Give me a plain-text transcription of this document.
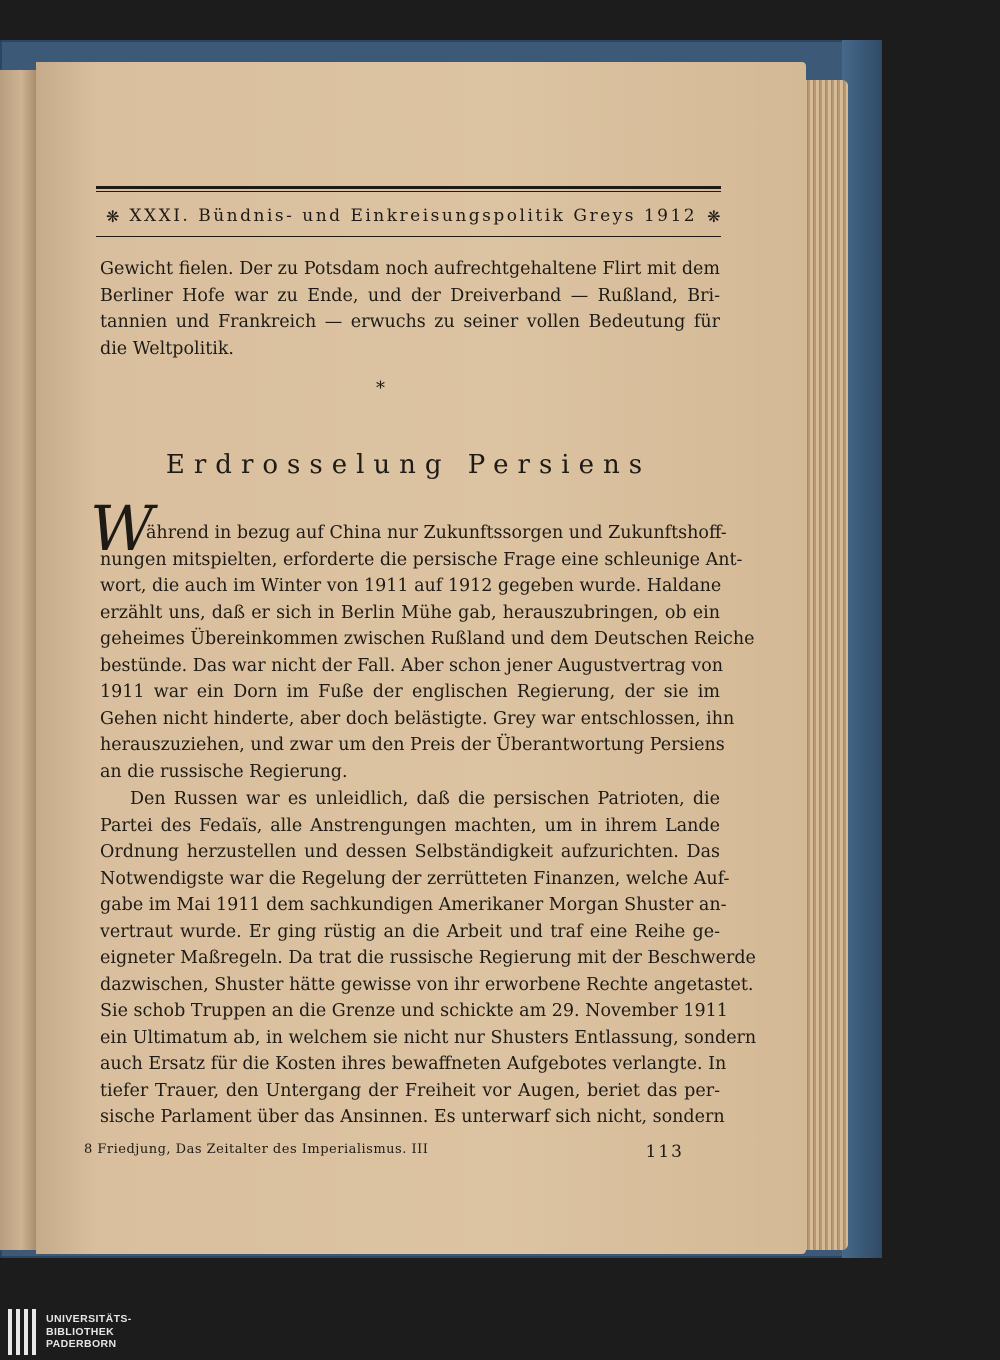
❋ XXXI. Bündnis- und Einkreisungspolitik Greys 1912 ❋
Gewicht fielen. Der zu Potsdam noch aufrechtgehaltene Flirt mit dem
Berliner Hofe war zu Ende, und der Dreiverband — Rußland, Bri-
tannien und Frankreich — erwuchs zu seiner vollen Bedeutung für
die Weltpolitik.
*
Erdrosselung Persiens
W
ährend in bezug auf China nur Zukunftssorgen und Zukunftshoff-
nungen mitspielten, erforderte die persische Frage eine schleunige Ant-
wort, die auch im Winter von 1911 auf 1912 gegeben wurde. Haldane
erzählt uns, daß er sich in Berlin Mühe gab, herauszubringen, ob ein
geheimes Übereinkommen zwischen Rußland und dem Deutschen Reiche
bestünde. Das war nicht der Fall. Aber schon jener Augustvertrag von
1911 war ein Dorn im Fuße der englischen Regierung, der sie im
Gehen nicht hinderte, aber doch belästigte. Grey war entschlossen, ihn
herauszuziehen, und zwar um den Preis der Überantwortung Persiens
an die russische Regierung.
Den Russen war es unleidlich, daß die persischen Patrioten, die
Partei des Fedaïs, alle Anstrengungen machten, um in ihrem Lande
Ordnung herzustellen und dessen Selbständigkeit aufzurichten. Das
Notwendigste war die Regelung der zerrütteten Finanzen, welche Auf-
gabe im Mai 1911 dem sachkundigen Amerikaner Morgan Shuster an-
vertraut wurde. Er ging rüstig an die Arbeit und traf eine Reihe ge-
eigneter Maßregeln. Da trat die russische Regierung mit der Beschwerde
dazwischen, Shuster hätte gewisse von ihr erworbene Rechte angetastet.
Sie schob Truppen an die Grenze und schickte am 29. November 1911
ein Ultimatum ab, in welchem sie nicht nur Shusters Entlassung, sondern
auch Ersatz für die Kosten ihres bewaffneten Aufgebotes verlangte. In
tiefer Trauer, den Untergang der Freiheit vor Augen, beriet das per-
sische Parlament über das Ansinnen. Es unterwarf sich nicht, sondern
8 Friedjung, Das Zeitalter des Imperialismus. III	113
UNIVERSITÄTS-
BIBLIOTHEK
PADERBORN
